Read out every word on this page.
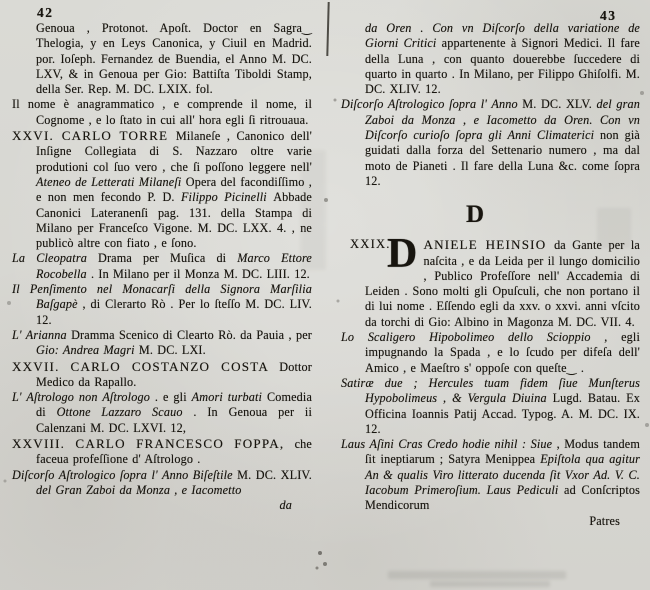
42	43

Genoua , Protonot. Apoſt. Doctor en Sagra‿ Thelogia, y en Leys Canonica, y Ciuil en Madrid. por. Ioſeph. Fernandez de Buendia, el Anno M. DC. LXV, & in Genoua per Gio: Battiſta Tiboldi Stamp, della Ser. Rep. M. DC. LXIX. fol.

Il nome è anagrammatico , e comprende il nome, il Cognome , e lo ſtato in cui all' hora egli ſi ritrouaua.

XXVI. CARLO TORRE Milaneſe , Canonico dell' Inſigne Collegiata di S. Nazzaro oltre varie produtioni col ſuo vero , che ſi poſſono leggere nell' Ateneo de Letterati Milaneſi Opera del facondiſſimo , e non men fecondo P. D. Filippo Picinelli Abbade Canonici Lateranenſi pag. 131. della Stampa di Milano per Franceſco Vigone. M. DC. LXX. 4. , ne publicò altre con fiato , e ſono.

La Cleopatra Drama per Muſica di Marco Ettore Rocobella . In Milano per il Monza M. DC. LIII. 12.

Il Penſimento nel Monacarſi della Signora Marſilia Baſgapè , di Clerarto Rò . Per lo ſteſſo M. DC. LIV. 12.

L' Arianna Dramma Scenico di Clearto Rò. da Pauia , per Gio: Andrea Magri M. DC. LXI.

XXVII. CARLO COSTANZO COSTA Dottor Medico da Rapallo.

L' Aſtrologo non Aſtrologo . e gli Amori turbati Comedia di Ottone Lazzaro Scauo . In Genoua per ii Calenzani M. DC. LXVI. 12,

XXVIII. CARLO FRANCESCO FOPPA, che faceua profeſſione d' Aſtrologo .

Diſcorſo Aſtrologico ſopra l' Anno Biſeſtile M. DC. XLIV. del Gran Zaboi da Monza , e Iacometto

da

da Oren . Con vn Diſcorſo della variatione de Giorni Critici appartenente à Signori Medici. Il fare della Luna , con quanto douerebbe ſuccedere di quarto in quarto . In Milano, per Filippo Ghiſolfi. M. DC. XLIV. 12.

Diſcorſo Aſtrologico ſopra l' Anno M. DC. XLV. del gran Zaboi da Monza , e Iacometto da Oren. Con vn Diſcorſo curioſo ſopra gli Anni Climaterici non già guidati dalla forza del Settenario numero , ma dal moto de Pianeti . Il fare della Luna &c. come ſopra 12.

D

XXIX.
D ANIELE HEINSIO da Gante per la naſcita , e da Leida per il lungo domicilio , Publico Profeſſore nell' Accademia di Leiden . Sono molti gli Opuſculi, che non portano il di lui nome . Eſſendo egli da xxv. o xxvi. anni vſcito da torchi di Gio: Albino in Magonza M. DC. VII. 4.

Lo Scaligero Hipobolimeo dello Scioppio , egli impugnando la Spada , e lo ſcudo per difeſa dell' Amico , e Maeſtro s' oppoſe con queſte‿ .

Satiræ due ; Hercules tuam fidem ſiue Munſterus Hypobolimeus , & Vergula Diuina Lugd. Batau. Ex Officina Ioannis Patij Accad. Typog. A. M. DC. IX. 12.

Laus Aſini Cras Credo hodie nihil : Siue , Modus tandem ſit ineptiarum ; Satyra Menippea Epiſtola qua agitur An & qualis Viro litterato ducenda ſit Vxor Ad. V. C. Iacobum Primeroſium. Laus Pediculi ad Conſcriptos Mendicorum

Patres
